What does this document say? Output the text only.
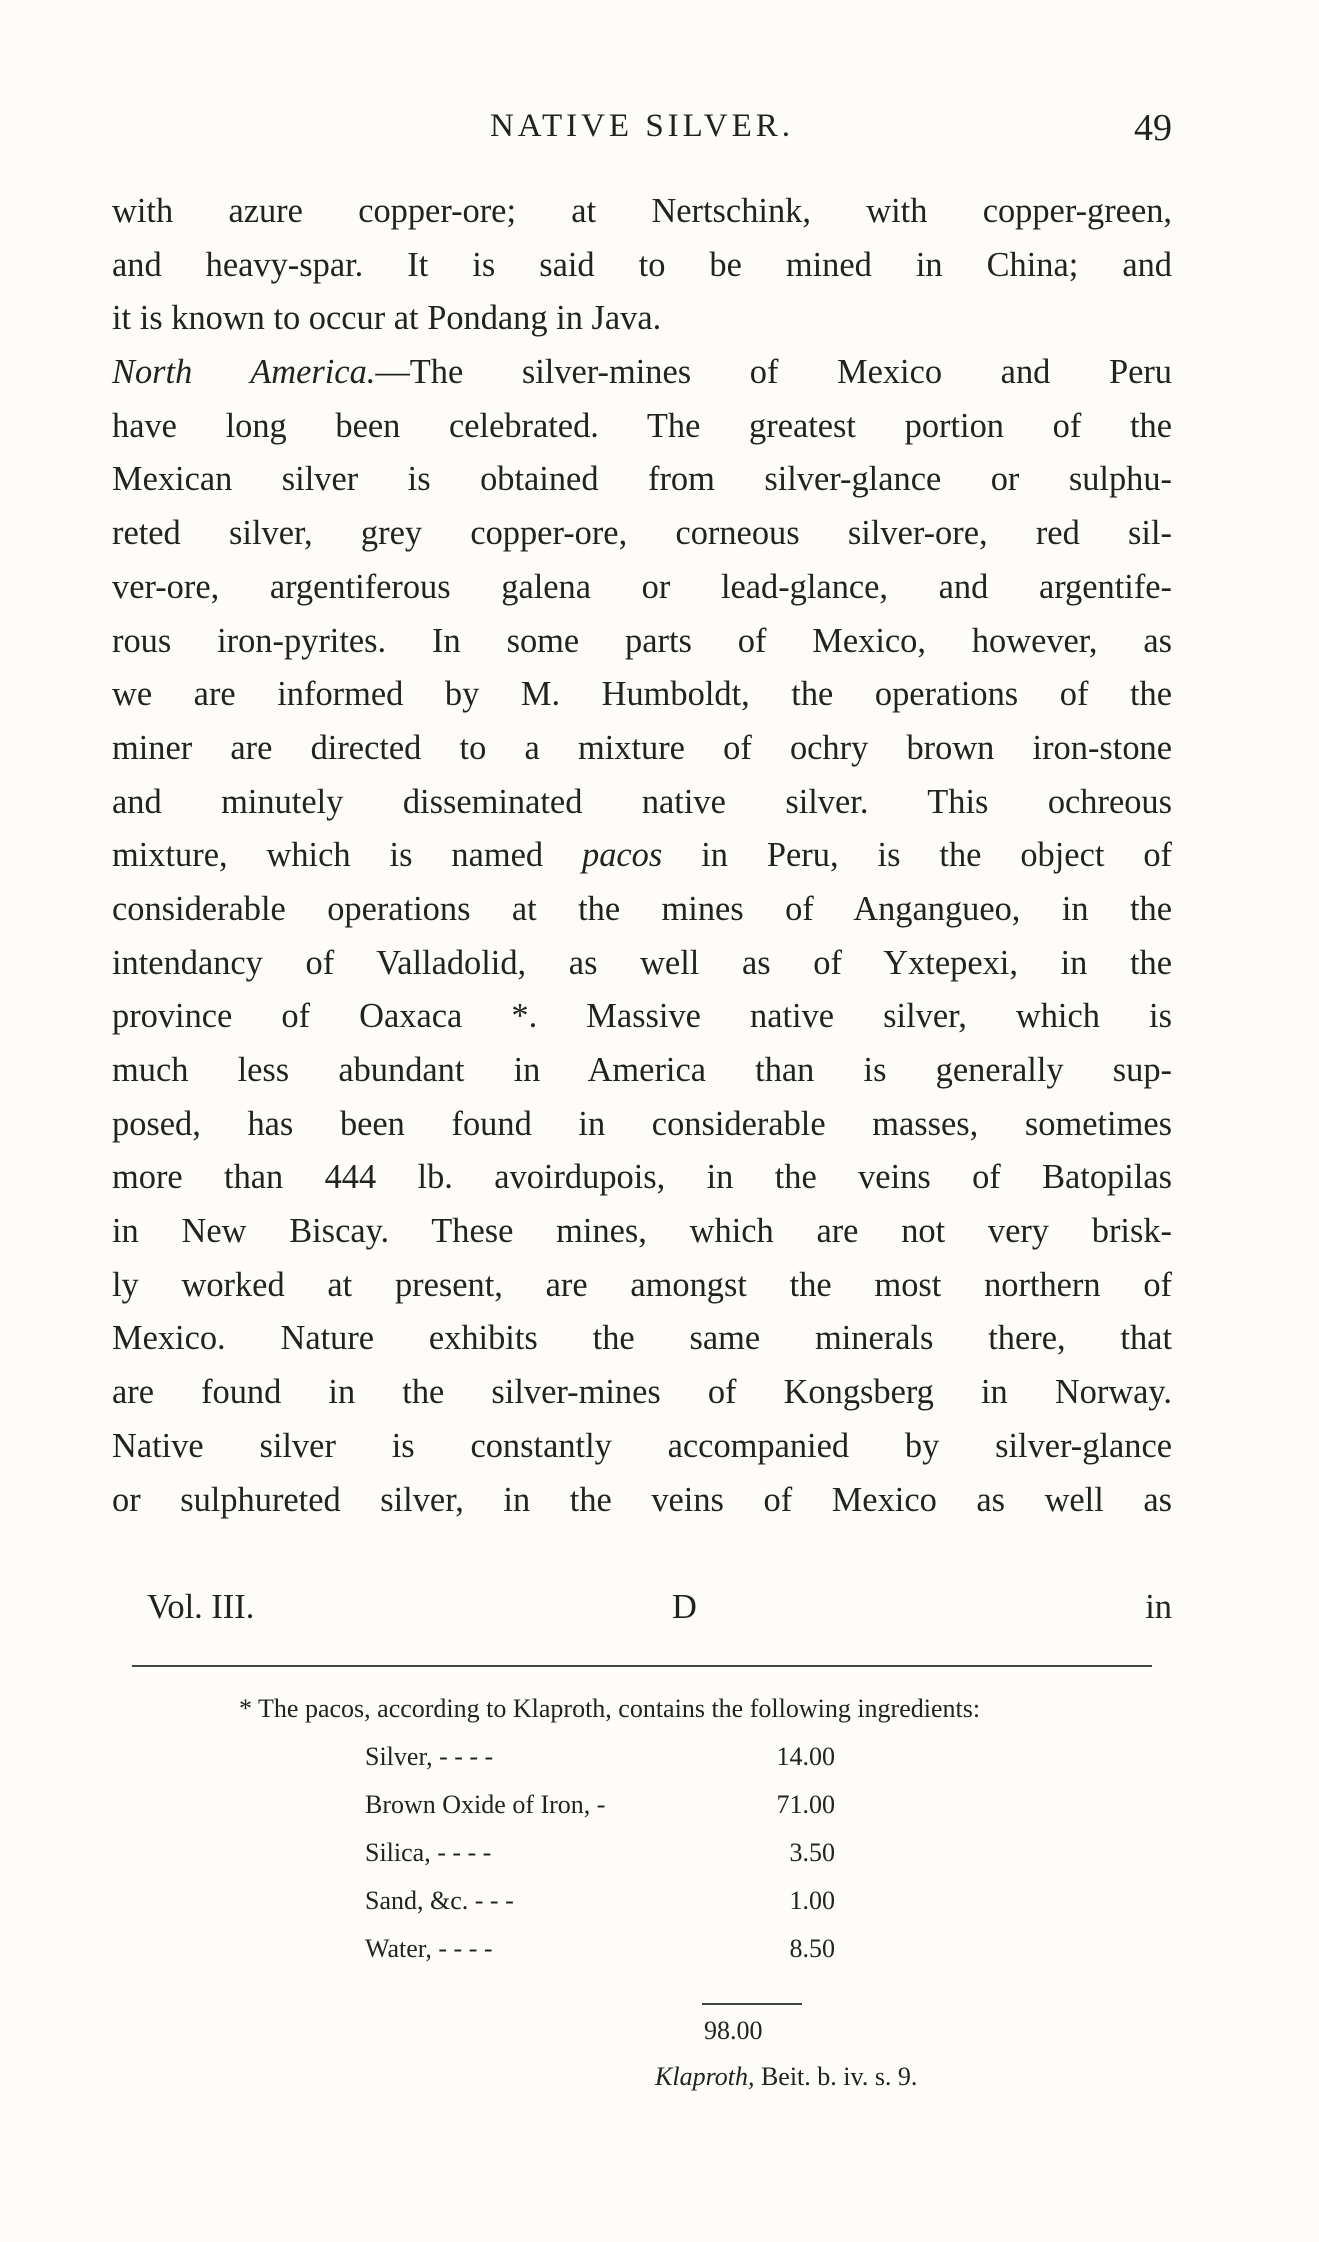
NATIVE SILVER.	49
with azure copper-ore; at Nertschink, with copper-green,
and heavy-spar. It is said to be mined in China; and
it is known to occur at Pondang in Java.
North America.—The silver-mines of Mexico and Peru
have long been celebrated. The greatest portion of the
Mexican silver is obtained from silver-glance or sulphu-
reted silver, grey copper-ore, corneous silver-ore, red sil-
ver-ore, argentiferous galena or lead-glance, and argentife-
rous iron-pyrites. In some parts of Mexico, however, as
we are informed by M. Humboldt, the operations of the
miner are directed to a mixture of ochry brown iron-stone
and minutely disseminated native silver. This ochreous
mixture, which is named pacos in Peru, is the object of
considerable operations at the mines of Angangueo, in the
intendancy of Valladolid, as well as of Yxtepexi, in the
province of Oaxaca *. Massive native silver, which is
much less abundant in America than is generally sup-
posed, has been found in considerable masses, sometimes
more than 444 lb. avoirdupois, in the veins of Batopilas
in New Biscay. These mines, which are not very brisk-
ly worked at present, are amongst the most northern of
Mexico. Nature exhibits the same minerals there, that
are found in the silver-mines of Kongsberg in Norway.
Native silver is constantly accompanied by silver-glance
or sulphureted silver, in the veins of Mexico as well as
Vol. III.	D	in
* The pacos, according to Klaproth, contains the following ingredients:
Silver, - - - -	14.00
Brown Oxide of Iron, -	71.00
Silica, - - - -	3.50
Sand, &c. - - -	1.00
Water, - - - -	8.50
98.00
Klaproth, Beit. b. iv. s. 9.
